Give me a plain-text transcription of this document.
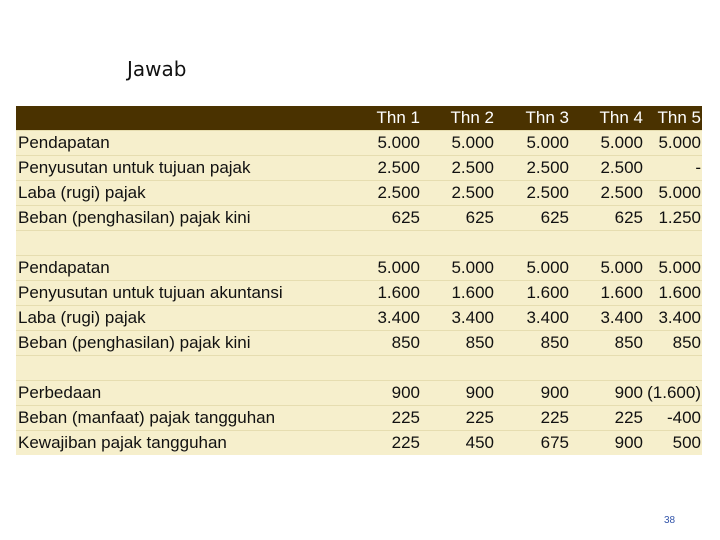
Jawab
	Thn 1	Thn 2	Thn 3	Thn 4	Thn 5
Pendapatan	5.000	5.000	5.000	5.000	5.000
Penyusutan untuk tujuan pajak	2.500	2.500	2.500	2.500	-
Laba (rugi) pajak	2.500	2.500	2.500	2.500	5.000
Beban (penghasilan) pajak kini	625	625	625	625	1.250

Pendapatan	5.000	5.000	5.000	5.000	5.000
Penyusutan untuk tujuan akuntansi	1.600	1.600	1.600	1.600	1.600
Laba (rugi) pajak	3.400	3.400	3.400	3.400	3.400
Beban (penghasilan) pajak kini	850	850	850	850	850

Perbedaan	900	900	900	900	(1.600)
Beban (manfaat) pajak tangguhan	225	225	225	225	-400
Kewajiban pajak tangguhan	225	450	675	900	500
38
